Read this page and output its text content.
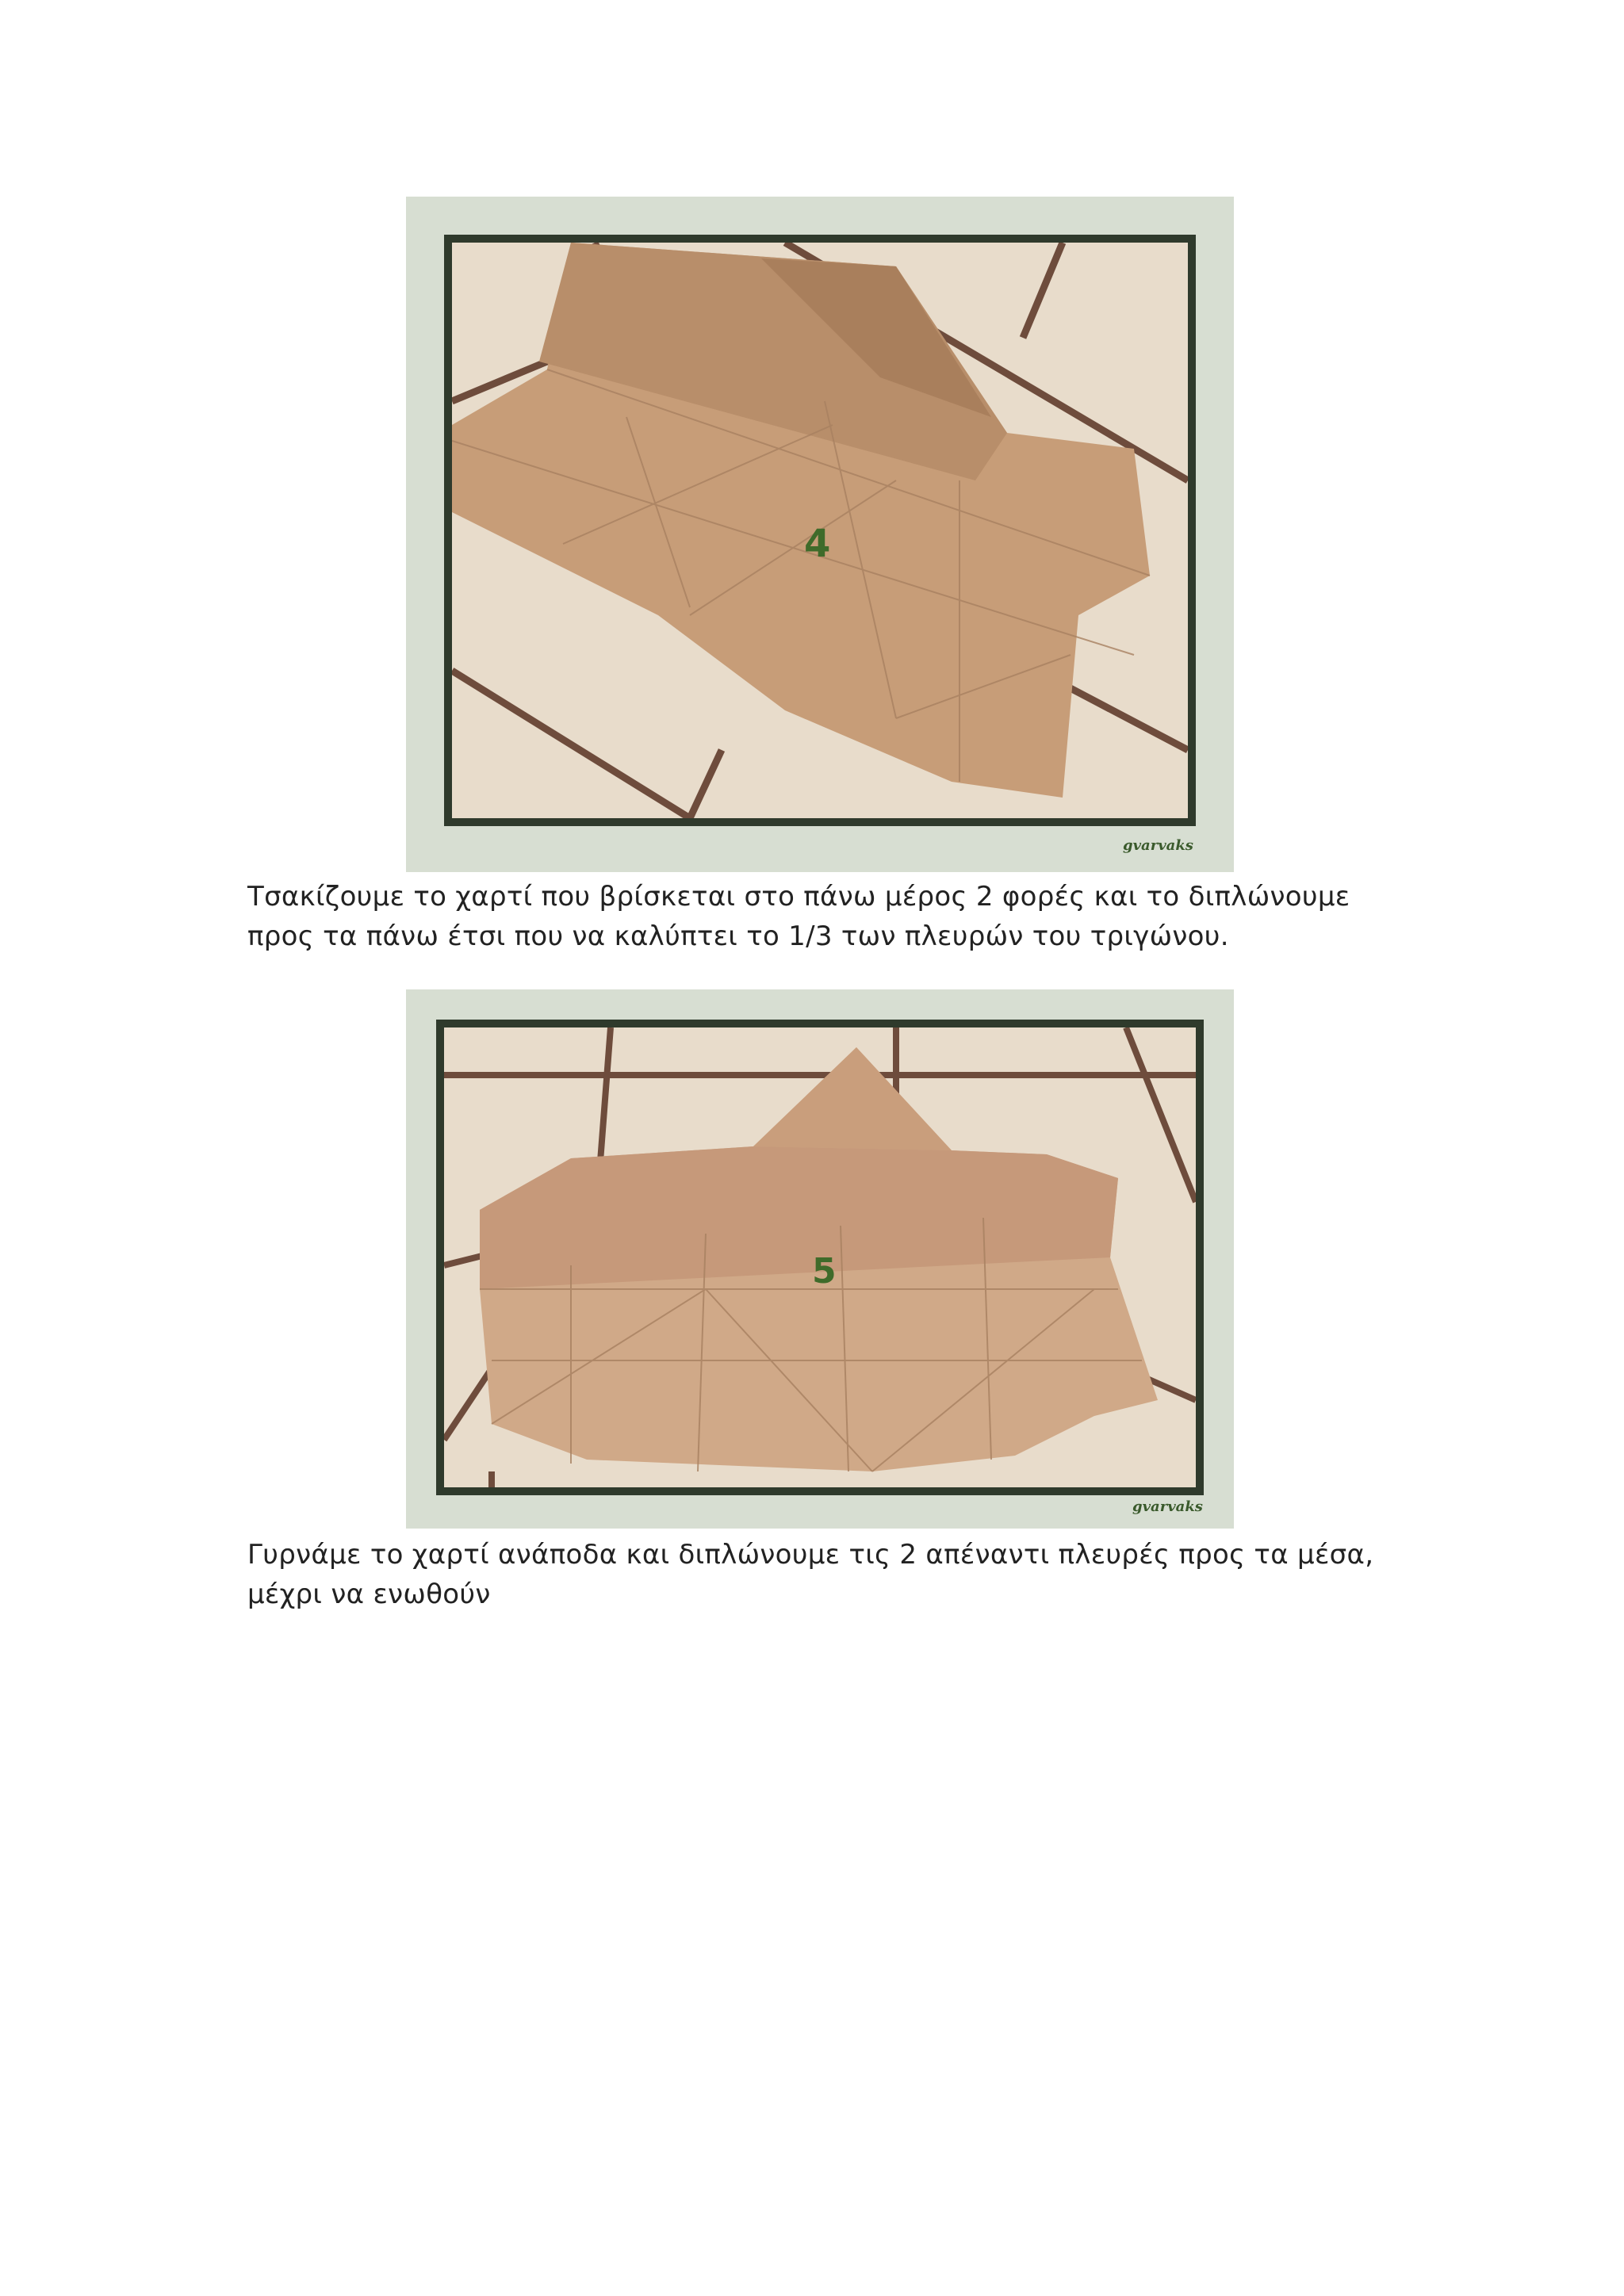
4
gvarvaks
Τσακίζουμε το χαρτί που βρίσκεται στο πάνω μέρος 2 φορές και το διπλώνουμε
προς τα πάνω έτσι που να καλύπτει το 1/3 των πλευρών του τριγώνου.
5
gvarvaks
Γυρνάμε το χαρτί ανάποδα και διπλώνουμε τις 2 απέναντι πλευρές προς τα μέσα,
μέχρι να ενωθούν
